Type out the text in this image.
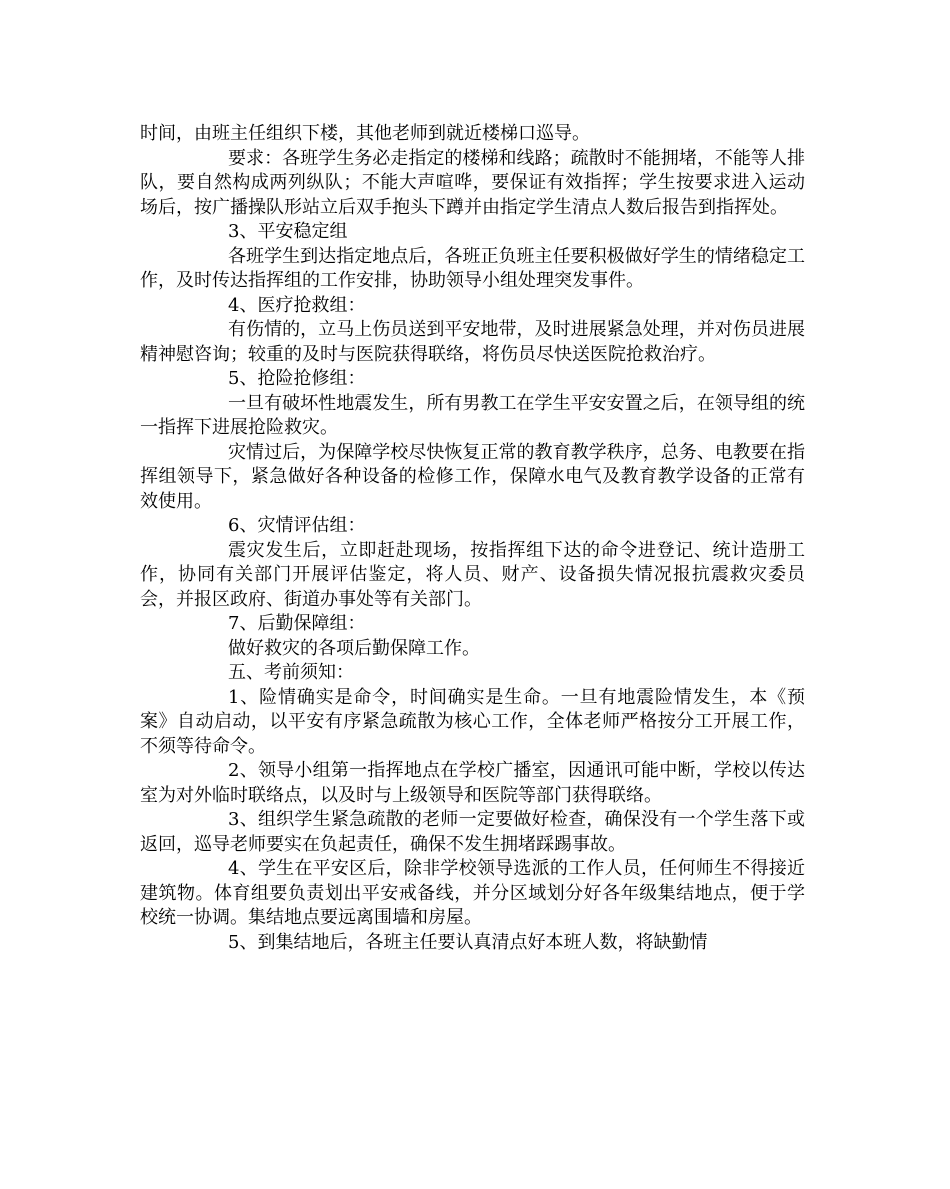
时间，由班主任组织下楼，其他老师到就近楼梯口巡导。

要求：各班学生务必走指定的楼梯和线路；疏散时不能拥堵，不能等人排队，要自然构成两列纵队；不能大声喧哗，要保证有效指挥；学生按要求进入运动场后，按广播操队形站立后双手抱头下蹲并由指定学生清点人数后报告到指挥处。

3、平安稳定组

各班学生到达指定地点后，各班正负班主任要积极做好学生的情绪稳定工作，及时传达指挥组的工作安排，协助领导小组处理突发事件。

4、医疗抢救组：

有伤情的，立马上伤员送到平安地带，及时进展紧急处理，并对伤员进展精神慰咨询；较重的及时与医院获得联络，将伤员尽快送医院抢救治疗。

5、抢险抢修组：

一旦有破坏性地震发生，所有男教工在学生平安安置之后，在领导组的统一指挥下进展抢险救灾。

灾情过后，为保障学校尽快恢复正常的教育教学秩序，总务、电教要在指挥组领导下，紧急做好各种设备的检修工作，保障水电气及教育教学设备的正常有效使用。

6、灾情评估组：

震灾发生后，立即赶赴现场，按指挥组下达的命令进登记、统计造册工作，协同有关部门开展评估鉴定，将人员、财产、设备损失情况报抗震救灾委员会，并报区政府、街道办事处等有关部门。

7、后勤保障组：

做好救灾的各项后勤保障工作。

五、考前须知：

1、险情确实是命令，时间确实是生命。一旦有地震险情发生，本《预案》自动启动，以平安有序紧急疏散为核心工作，全体老师严格按分工开展工作，不须等待命令。

2、领导小组第一指挥地点在学校广播室，因通讯可能中断，学校以传达室为对外临时联络点，以及时与上级领导和医院等部门获得联络。

3、组织学生紧急疏散的老师一定要做好检查，确保没有一个学生落下或返回，巡导老师要实在负起责任，确保不发生拥堵踩踢事故。

4、学生在平安区后，除非学校领导选派的工作人员，任何师生不得接近建筑物。体育组要负责划出平安戒备线，并分区域划分好各年级集结地点，便于学校统一协调。集结地点要远离围墙和房屋。

5、到集结地后，各班主任要认真清点好本班人数，将缺勤情
